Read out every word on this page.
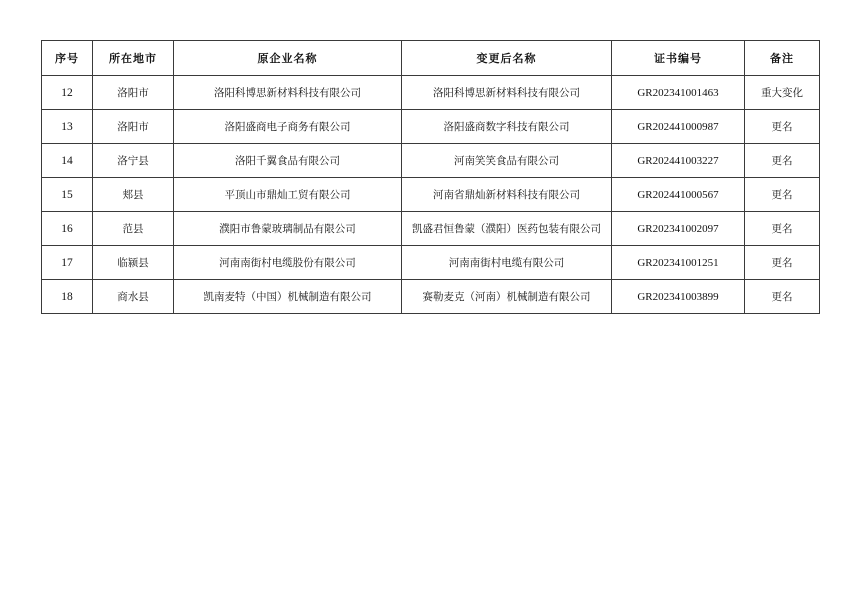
序号	所在地市	原企业名称	变更后名称	证书编号	备注
12	洛阳市	洛阳科博思新材料科技有限公司	洛阳科博思新材料科技有限公司	GR202341001463	重大变化
13	洛阳市	洛阳盛商电子商务有限公司	洛阳盛商数字科技有限公司	GR202441000987	更名
14	洛宁县	洛阳千翼食品有限公司	河南笑笑食品有限公司	GR202441003227	更名
15	郏县	平顶山市鼎灿工贸有限公司	河南省鼎灿新材料科技有限公司	GR202441000567	更名
16	范县	濮阳市鲁蒙玻璃制品有限公司	凯盛君恒鲁蒙（濮阳）医药包装有限公司	GR202341002097	更名
17	临颍县	河南南街村电缆股份有限公司	河南南街村电缆有限公司	GR202341001251	更名
18	商水县	凯南麦特（中国）机械制造有限公司	赛勒麦克（河南）机械制造有限公司	GR202341003899	更名
